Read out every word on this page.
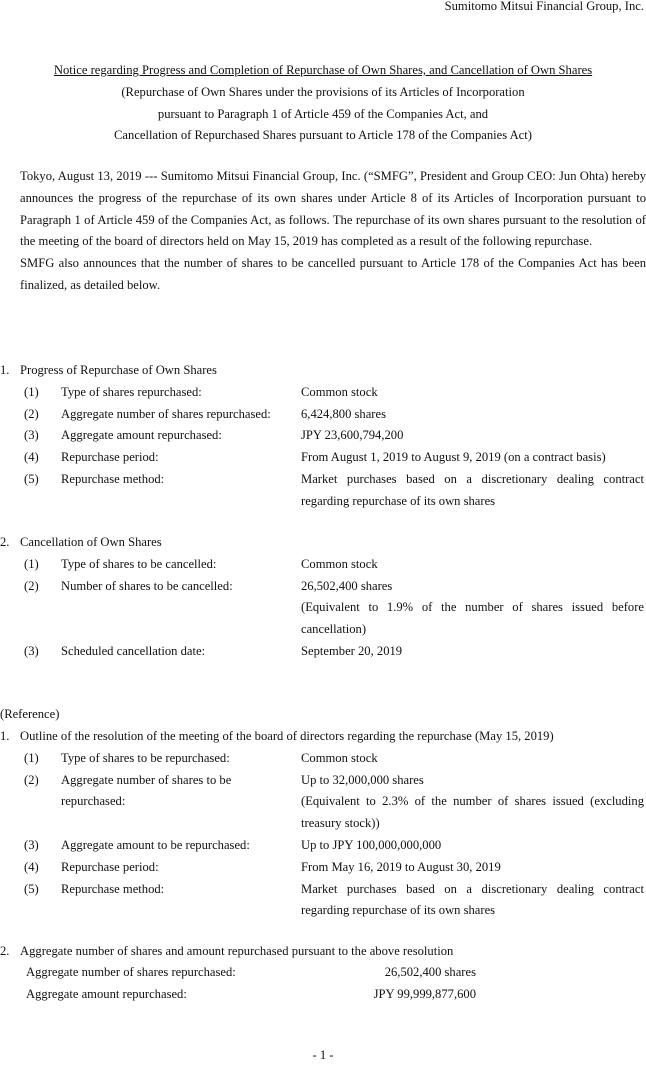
Sumitomo Mitsui Financial Group, Inc.
Notice regarding Progress and Completion of Repurchase of Own Shares, and Cancellation of Own Shares
(Repurchase of Own Shares under the provisions of its Articles of Incorporation
pursuant to Paragraph 1 of Article 459 of the Companies Act, and
Cancellation of Repurchased Shares pursuant to Article 178 of the Companies Act)

Tokyo, August 13, 2019 --- Sumitomo Mitsui Financial Group, Inc. (“SMFG”, President and Group CEO: Jun Ohta) hereby announces the progress of the repurchase of its own shares under Article 8 of its Articles of Incorporation pursuant to Paragraph 1 of Article 459 of the Companies Act, as follows. The repurchase of its own shares pursuant to the resolution of the meeting of the board of directors held on May 15, 2019 has completed as a result of the following repurchase.

SMFG also announces that the number of shares to be cancelled pursuant to Article 178 of the Companies Act has been finalized, as detailed below.

1. Progress of Repurchase of Own Shares
(1)	Type of shares repurchased:	Common stock
(2)	Aggregate number of shares repurchased:	6,424,800 shares
(3)	Aggregate amount repurchased:	JPY 23,600,794,200
(4)	Repurchase period:	From August 1, 2019 to August 9, 2019 (on a contract basis)
(5)	Repurchase method:	Market purchases based on a discretionary dealing contract regarding repurchase of its own shares
2. Cancellation of Own Shares
(1)	Type of shares to be cancelled:	Common stock
(2)	Number of shares to be cancelled:	26,502,400 shares
(Equivalent to 1.9% of the number of shares issued before cancellation)
(3)	Scheduled cancellation date:	September 20, 2019
(Reference)
1. Outline of the resolution of the meeting of the board of directors regarding the repurchase (May 15, 2019)
(1)	Type of shares to be repurchased:	Common stock
(2)	Aggregate number of shares to be repurchased:
Up to 32,000,000 shares
(Equivalent to 2.3% of the number of shares issued (excluding treasury stock))
(3)	Aggregate amount to be repurchased:	Up to JPY 100,000,000,000
(4)	Repurchase period:	From May 16, 2019 to August 30, 2019
(5)	Repurchase method:	Market purchases based on a discretionary dealing contract regarding repurchase of its own shares
2. Aggregate number of shares and amount repurchased pursuant to the above resolution
Aggregate number of shares repurchased:	26,502,400 shares
Aggregate amount repurchased:	JPY 99,999,877,600
- 1 -
